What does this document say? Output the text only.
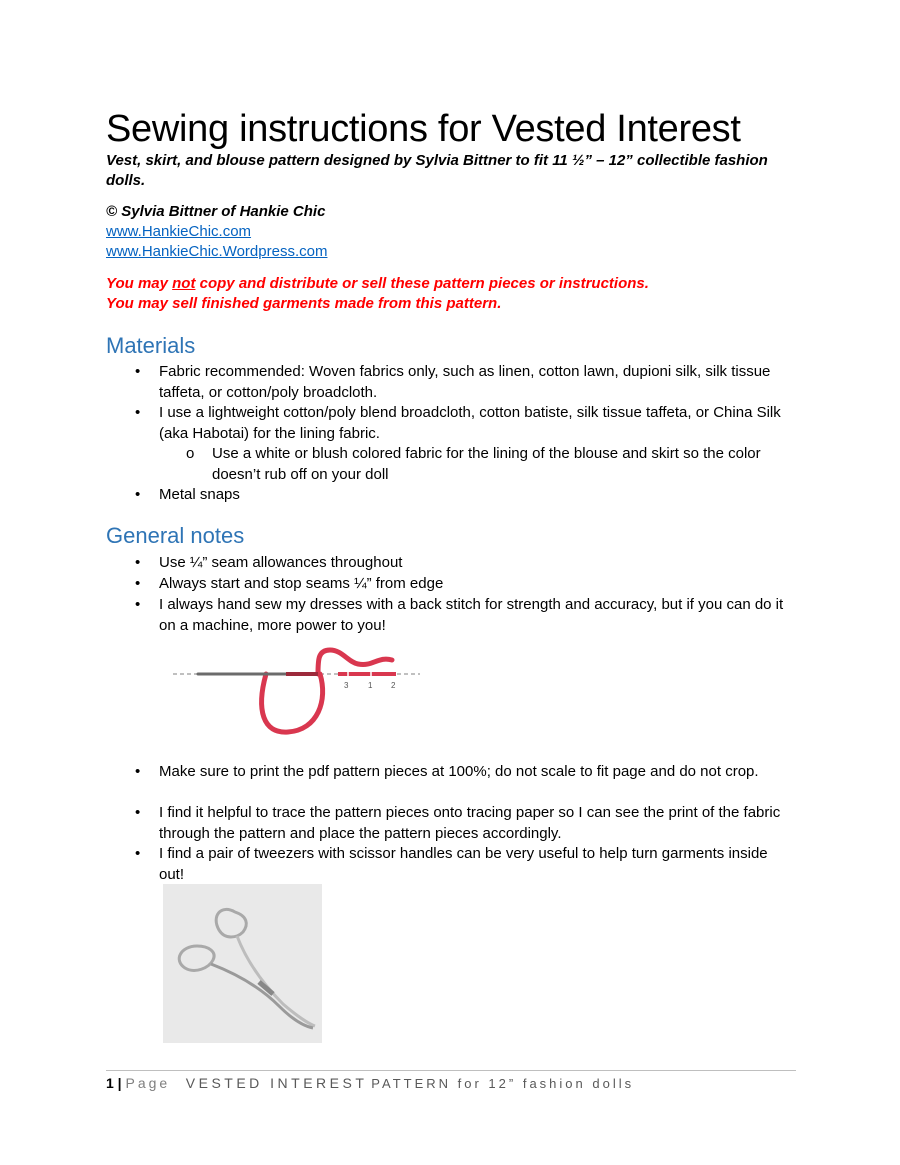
Sewing instructions for Vested Interest

Vest, skirt, and blouse pattern designed by Sylvia Bittner to fit 11 ½” – 12” collectible fashion dolls.

© Sylvia Bittner of Hankie Chic
www.HankieChic.com
www.HankieChic.Wordpress.com
You may not copy and distribute or sell these pattern pieces or instructions.
You may sell finished garments made from this pattern.
Materials
• Fabric recommended: Woven fabrics only, such as linen, cotton lawn, dupioni silk, silk tissue taffeta, or cotton/poly broadcloth.
• I use a lightweight cotton/poly blend broadcloth, cotton batiste, silk tissue taffeta, or China Silk (aka Habotai) for the lining fabric.
o Use a white or blush colored fabric for the lining of the blouse and skirt so the color doesn’t rub off on your doll
• Metal snaps
General notes
• Use ¼” seam allowances throughout
• Always start and stop seams ¼” from edge
• I always hand sew my dresses with a back stitch for strength and accuracy, but if you can do it on a machine, more power to you!
3 1 2
• Make sure to print the pdf pattern pieces at 100%; do not scale to fit page and do not crop.
• I find it helpful to trace the pattern pieces onto tracing paper so I can see the print of the fabric through the pattern and place the pattern pieces accordingly.
• I find a pair of tweezers with scissor handles can be very useful to help turn garments inside out!
1 | Page VESTED INTEREST PATTERN for 12” fashion dolls
